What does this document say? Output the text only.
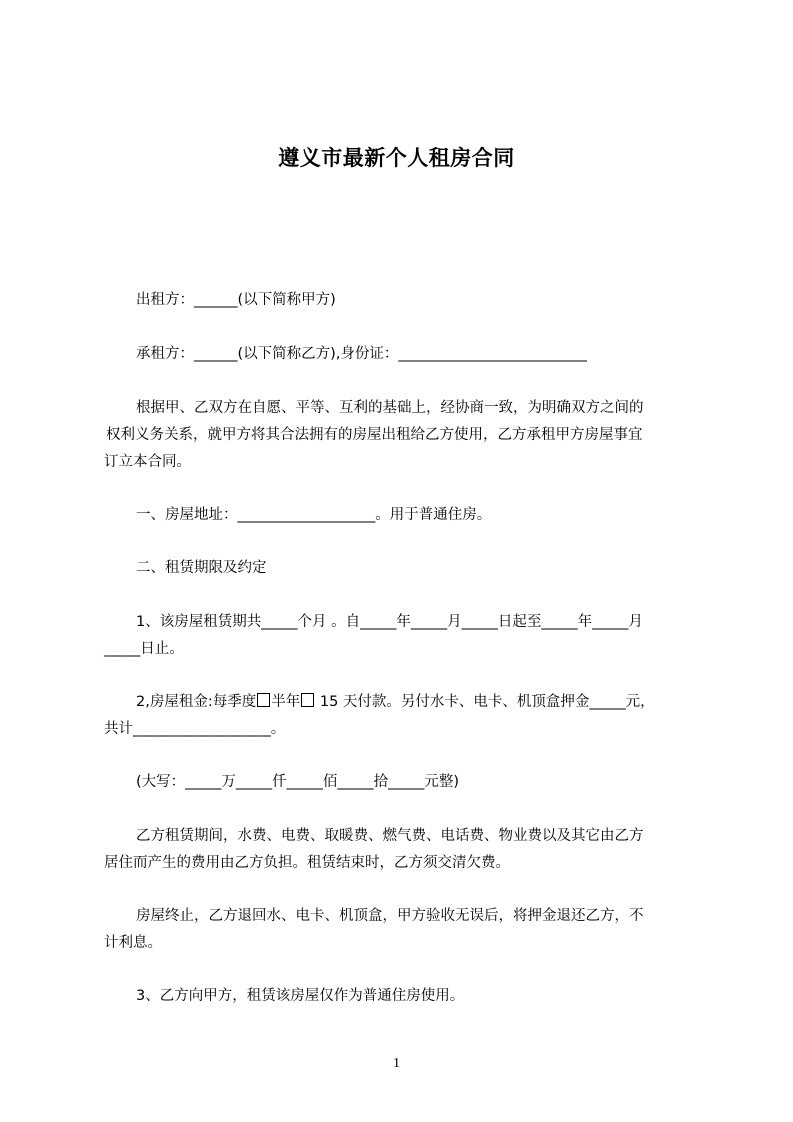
遵义市最新个人租房合同
出租方：______(以下简称甲方)
承租方：______(以下简称乙方),身份证：__________________________
根据甲、乙双方在自愿、平等、互利的基础上，经协商一致，为明确双方之间的
权利义务关系，就甲方将其合法拥有的房屋出租给乙方使用，乙方承租甲方房屋事宜
订立本合同。
一、房屋地址：___________________。用于普通住房。
二、租赁期限及约定
1、该房屋租赁期共_____个月 。自_____年_____月_____日起至_____年_____月
_____日止。
2,房屋租金:每季度 半年 15 天付款。另付水卡、电卡、机顶盒押金_____元，
共计___________________。
(大写：_____万_____仟_____佰_____拾_____元整)
乙方租赁期间，水费、电费、取暖费、燃气费、电话费、物业费以及其它由乙方
居住而产生的费用由乙方负担。租赁结束时，乙方须交清欠费。
房屋终止，乙方退回水、电卡、机顶盒，甲方验收无误后，将押金退还乙方，不
计利息。
3、乙方向甲方，租赁该房屋仅作为普通住房使用。
1
